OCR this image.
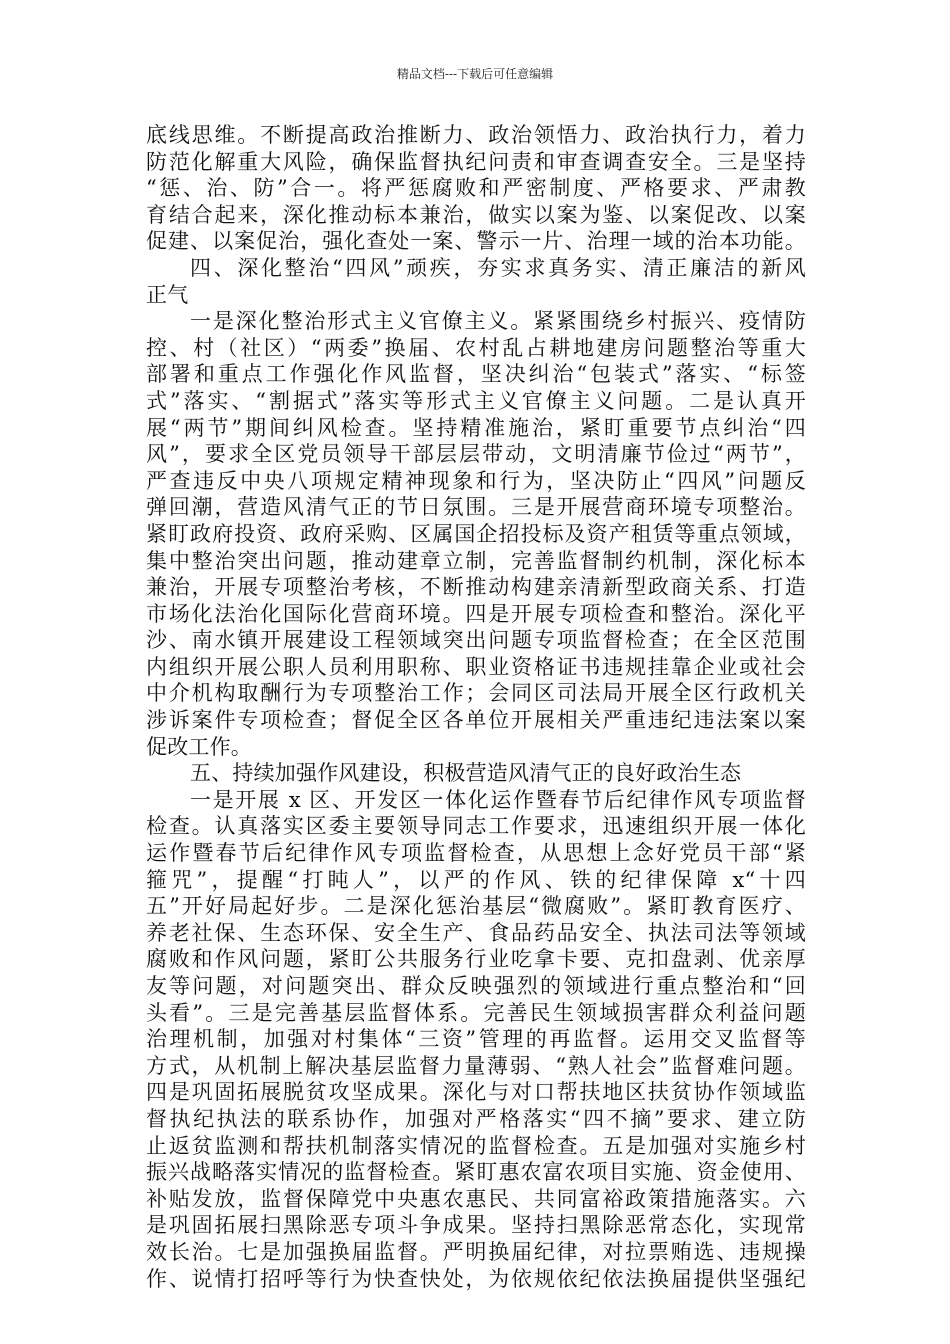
精品文档---下载后可任意编辑
底线思维。不断提高政治推断力、政治领悟力、政治执行力，着力
防范化解重大风险，确保监督执纪问责和审查调查安全。三是坚持
“惩、治、防”合一。将严惩腐败和严密制度、严格要求、严肃教
育结合起来，深化推动标本兼治，做实以案为鉴、以案促改、以案
促建、以案促治，强化查处一案、警示一片、治理一域的治本功能。
四、深化整治“四风”顽疾，夯实求真务实、清正廉洁的新风
正气
一是深化整治形式主义官僚主义。紧紧围绕乡村振兴、疫情防
控、村（社区）“两委”换届、农村乱占耕地建房问题整治等重大
部署和重点工作强化作风监督，坚决纠治“包装式”落实、“标签
式”落实、“割据式”落实等形式主义官僚主义问题。二是认真开
展“两节”期间纠风检查。坚持精准施治，紧盯重要节点纠治“四
风”，要求全区党员领导干部层层带动，文明清廉节俭过“两节”，
严查违反中央八项规定精神现象和行为，坚决防止“四风”问题反
弹回潮，营造风清气正的节日氛围。三是开展营商环境专项整治。
紧盯政府投资、政府采购、区属国企招投标及资产租赁等重点领域，
集中整治突出问题，推动建章立制，完善监督制约机制，深化标本
兼治，开展专项整治考核，不断推动构建亲清新型政商关系、打造
市场化法治化国际化营商环境。四是开展专项检查和整治。深化平
沙、南水镇开展建设工程领域突出问题专项监督检查；在全区范围
内组织开展公职人员利用职称、职业资格证书违规挂靠企业或社会
中介机构取酬行为专项整治工作；会同区司法局开展全区行政机关
涉诉案件专项检查；督促全区各单位开展相关严重违纪违法案以案
促改工作。
五、持续加强作风建设，积极营造风清气正的良好政治生态
一是开展 x 区、开发区一体化运作暨春节后纪律作风专项监督
检查。认真落实区委主要领导同志工作要求，迅速组织开展一体化
运作暨春节后纪律作风专项监督检查，从思想上念好党员干部“紧
箍咒”，提醒“打盹人”，以严的作风、铁的纪律保障 x“十四
五”开好局起好步。二是深化惩治基层“微腐败”。紧盯教育医疗、
养老社保、生态环保、安全生产、食品药品安全、执法司法等领域
腐败和作风问题，紧盯公共服务行业吃拿卡要、克扣盘剥、优亲厚
友等问题，对问题突出、群众反映强烈的领域进行重点整治和“回
头看”。三是完善基层监督体系。完善民生领域损害群众利益问题
治理机制，加强对村集体“三资”管理的再监督。运用交叉监督等
方式，从机制上解决基层监督力量薄弱、“熟人社会”监督难问题。
四是巩固拓展脱贫攻坚成果。深化与对口帮扶地区扶贫协作领域监
督执纪执法的联系协作，加强对严格落实“四不摘”要求、建立防
止返贫监测和帮扶机制落实情况的监督检查。五是加强对实施乡村
振兴战略落实情况的监督检查。紧盯惠农富农项目实施、资金使用、
补贴发放，监督保障党中央惠农惠民、共同富裕政策措施落实。六
是巩固拓展扫黑除恶专项斗争成果。坚持扫黑除恶常态化，实现常
效长治。七是加强换届监督。严明换届纪律，对拉票贿选、违规操
作、说情打招呼等行为快查快处，为依规依纪依法换届提供坚强纪
